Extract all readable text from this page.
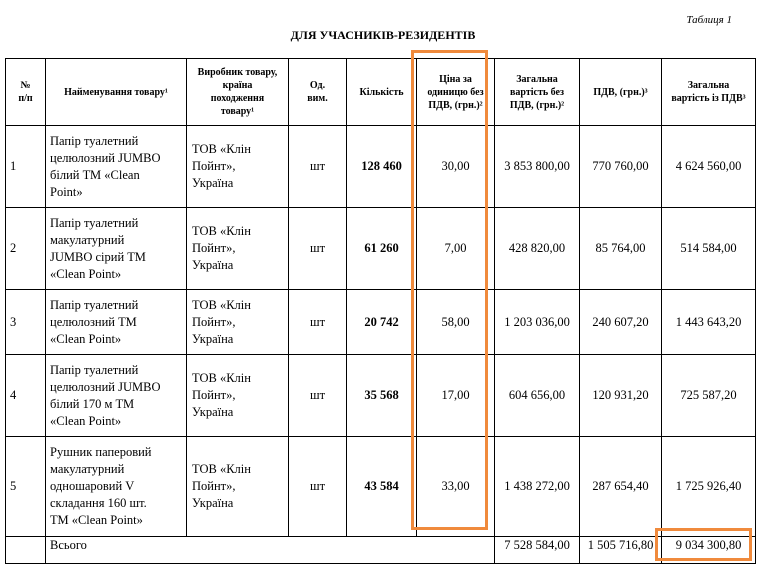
Таблиця 1
ДЛЯ УЧАСНИКІВ-РЕЗИДЕНТІВ
№
п/п	Найменування товару¹	Виробник товару,
країна
походження
товару¹	Од.
вим.	Кількість	Ціна за
одиницю без
ПДВ, (грн.)²	Загальна
вартість без
ПДВ, (грн.)²	ПДВ, (грн.)³	Загальна
вартість із ПДВ³
1	Папір туалетний
целюлозний JUMBO
білий ТМ «Clean
Point»	ТОВ «Клін
Пойнт»,
Україна	шт	128 460	30,00	3 853 800,00	770 760,00	4 624 560,00
2	Папір туалетний
макулатурний
JUMBO сірий ТМ
«Clean Point»	ТОВ «Клін
Пойнт»,
Україна	шт	61 260	7,00	428 820,00	85 764,00	514 584,00
3	Папір туалетний
целюлозний ТМ
«Clean Point»	ТОВ «Клін
Пойнт»,
Україна	шт	20 742	58,00	1 203 036,00	240 607,20	1 443 643,20
4	Папір туалетний
целюлозний JUMBO
білий 170 м ТМ
«Clean Point»	ТОВ «Клін
Пойнт»,
Україна	шт	35 568	17,00	604 656,00	120 931,20	725 587,20
5	Рушник паперовий
макулатурний
одношаровий V
складання 160 шт.
ТМ «Clean Point»	ТОВ «Клін
Пойнт»,
Україна	шт	43 584	33,00	1 438 272,00	287 654,40	1 725 926,40
	Всього					7 528 584,00	1 505 716,80	9 034 300,80
